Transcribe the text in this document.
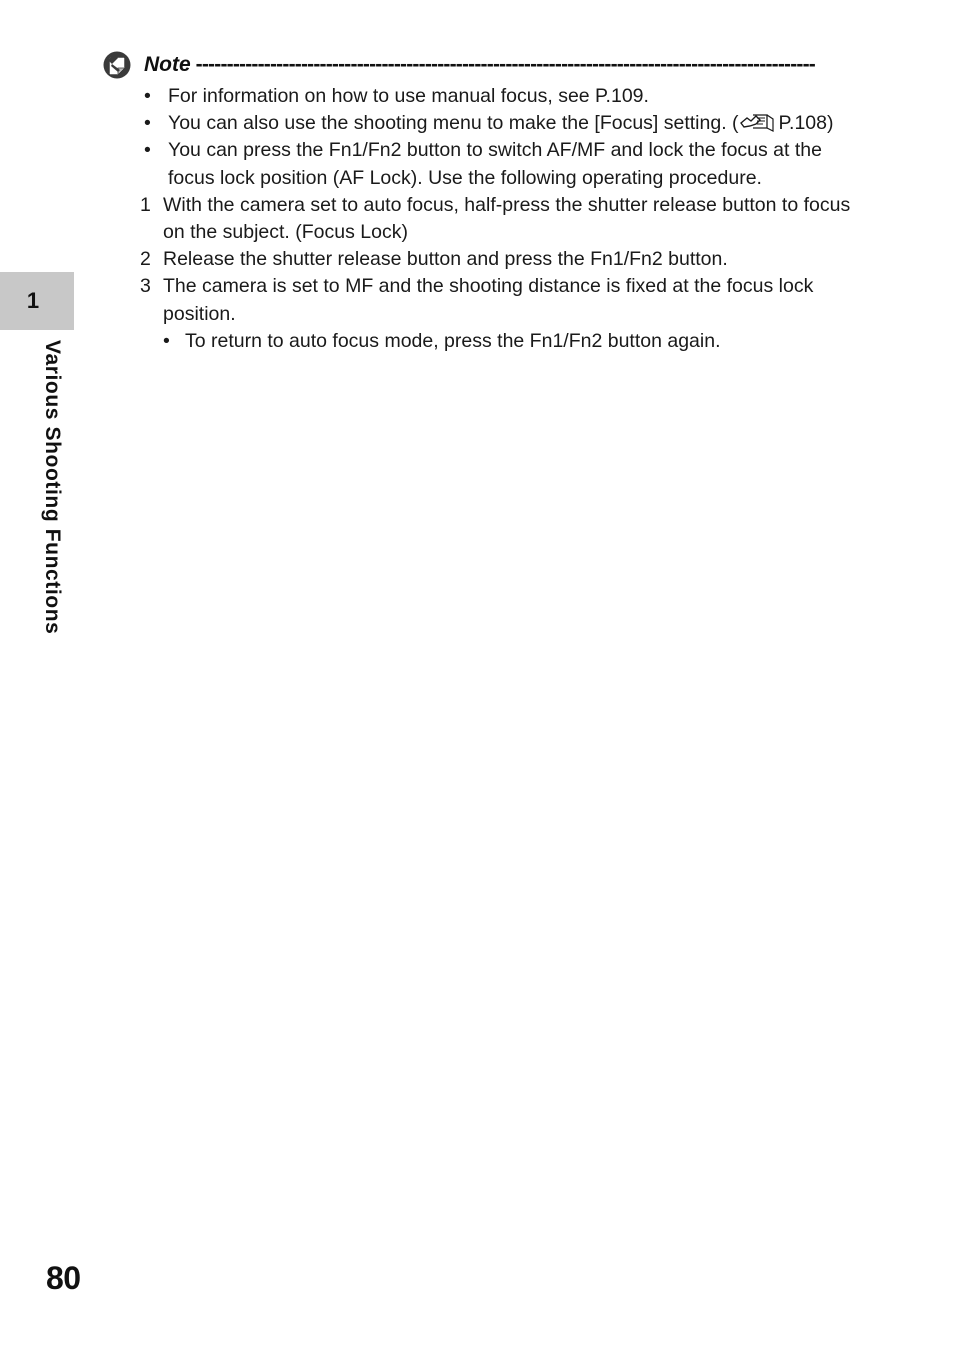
1
Various Shooting Functions
Note ----------------------------------------------------------------------------------------------------
• For information on how to use manual focus, see P.109.
• You can also use the shooting menu to make the [Focus] setting. ( P.108)
• You can press the Fn1/Fn2 button to switch AF/MF and lock the focus at the focus lock position (AF Lock). Use the following operating procedure.
1 With the camera set to auto focus, half-press the shutter release button to focus on the subject. (Focus Lock)
2 Release the shutter release button and press the Fn1/Fn2 button.
3 The camera is set to MF and the shooting distance is fixed at the focus lock position.
• To return to auto focus mode, press the Fn1/Fn2 button again.
80
